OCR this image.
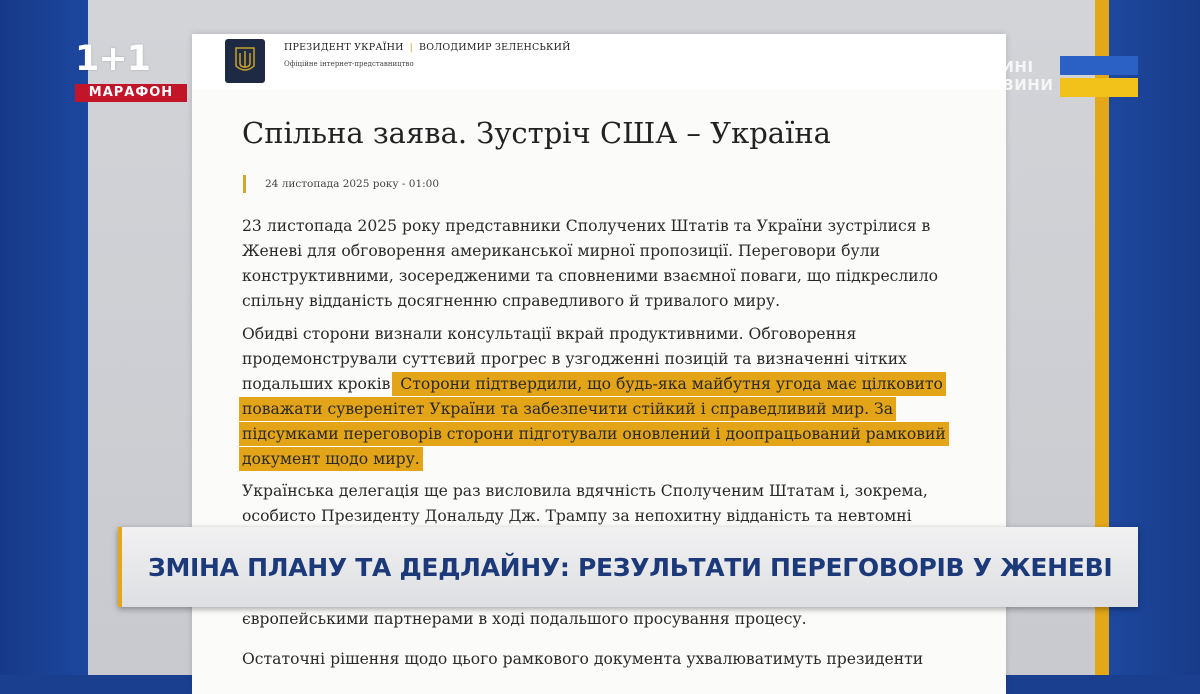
ПРЕЗИДЕНТ УКРАЇНИ | ВОЛОДИМИР ЗЕЛЕНСЬКИЙ
Офіційне інтернет-представництво
Спільна заява. Зустріч США – Україна
24 листопада 2025 року - 01:00

23 листопада 2025 року представники Сполучених Штатів та України зустрілися в
Женеві для обговорення американської мирної пропозиції. Переговори були
конструктивними, зосередженими та сповненими взаємної поваги, що підкреслило
спільну відданість досягненню справедливого й тривалого миру.

Обидві сторони визнали консультації вкрай продуктивними. Обговорення
продемонстрували суттєвий прогрес в узгодженні позицій та визначенні чітких
подальших кроків. Сторони підтвердили, що будь-яка майбутня угода має цілковито
поважати суверенітет України та забезпечити стійкий і справедливий мир. За
підсумками переговорів сторони підготували оновлений і доопрацьований рамковий
документ щодо миру.

Українська делегація ще раз висловила вдячність Сполученим Штатам і, зокрема,
особисто Президенту Дональду Дж. Трампу за непохитну відданість та невтомні

європейськими партнерами в ході подальшого просування процесу.

Остаточні рішення щодо цього рамкового документа ухвалюватимуть президенти

1+1
МАРАФОН
ЄДИНІ
НОВИНИ
ЗМІНА ПЛАНУ ТА ДЕДЛАЙНУ: РЕЗУЛЬТАТИ ПЕРЕГОВОРІВ У ЖЕНЕВІ
